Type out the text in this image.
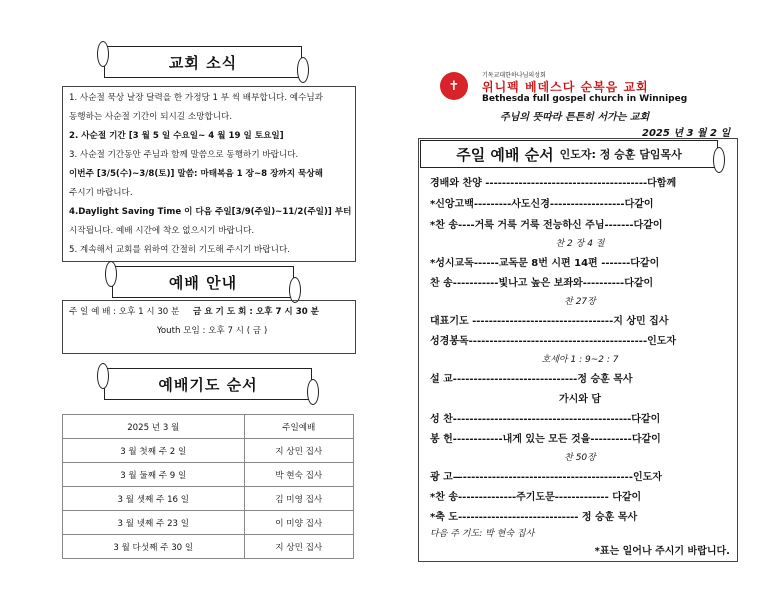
교회 소식

1. 사순절 묵상 날장 달력을 한 가정당 1 부 씩 배부합니다. 예수님과

동행하는 사순절 기간이 되시길 소망합니다.

2. 사순절 기간 [3 월 5 일 수요일~ 4 월 19 일 토요일]

3. 사순절 기간동안 주님과 함께 말씀으로 동행하기 바랍니다.

이번주 [3/5(수)~3/8(토)] 말씀: 마태복음 1 장~8 장까지 묵상해

주시기 바랍니다.

4.Daylight Saving Time 이 다음 주일[3/9(주일)~11/2(주일)] 부터

시작됩니다. 예배 시간에 착오 없으시기 바랍니다.

5. 계속해서 교회를 위하여 간절히 기도해 주시기 바랍니다.

예배 안내

주 일 예 배 : 오후 1 시 30 분 금 요 기 도 회 : 오후 7 시 30 분

Youth 모임 : 오후 7 시 ( 금 )

예배기도 순서
2025 년 3 월	주일예배
3 월 첫째 주 2 일	지 상민 집사
3 월 둘째 주 9 일	박 현숙 집사
3 월 셋째 주 16 일	김 미영 집사
3 월 넷째 주 23 일	이 미양 집사
3 월 다섯째 주 30 일	지 상민 집사
✝
기독교대한하나님의성회
위니펙 베데스다 순복음 교회
Bethesda full gospel church in Winnipeg
주님의 뜻따라 튼튼히 서가는 교회
2025 년 3 월 2 일
주일 예배 순서 인도자: 정 승훈 담임목사
경배와 찬양 ---------------------------------------다함께
*신앙고백---------사도신경------------------다같이
*찬 송----거룩 거룩 거룩 전능하신 주님-------다같이
찬 2 장 4 절
*성시교독------교독문 8번 시편 14편 -------다같이
찬 송-----------빛나고 높은 보좌와----------다같이
찬 27장
대표기도 ----------------------------------지 상민 집사
성경봉독-------------------------------------------인도자
호세아 1 : 9~2 : 7
설 교------------------------------정 승훈 목사
가시와 담
성 찬-------------------------------------------다같이
봉 헌------------내게 있는 모든 것을----------다같이
찬 50장
광 고—-----------------------------------------인도자
*찬 송--------------주기도문------------- 다같이
*축 도----------------------------- 정 승훈 목사
다음 주 기도: 박 현숙 집사
*표는 일어나 주시기 바랍니다.
